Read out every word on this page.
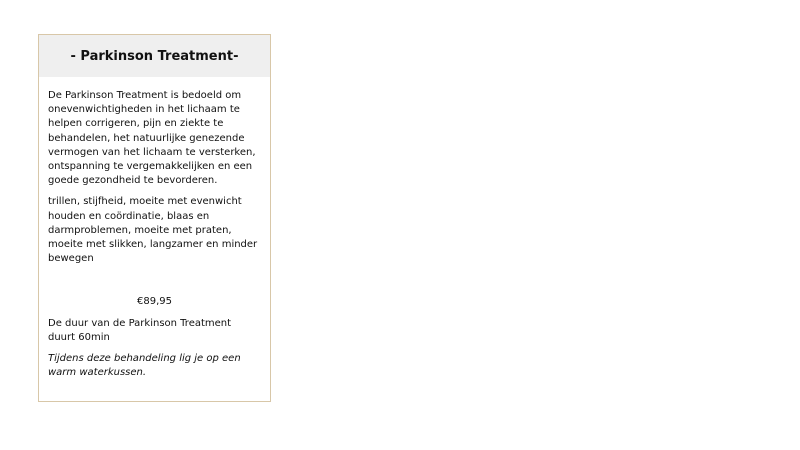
- Parkinson Treatment-

De Parkinson Treatment is bedoeld om onevenwichtigheden in het lichaam te helpen corrigeren, pijn en ziekte te behandelen, het natuurlijke genezende vermogen van het lichaam te versterken, ontspanning te vergemakkelijken en een goede gezondheid te bevorderen.

trillen, stijfheid, moeite met evenwicht houden en coördinatie, blaas en darmproblemen, moeite met praten, moeite met slikken, langzamer en minder bewegen

€89,95

De duur van de Parkinson Treatment duurt 60min

Tijdens deze behandeling lig je op een warm waterkussen.
